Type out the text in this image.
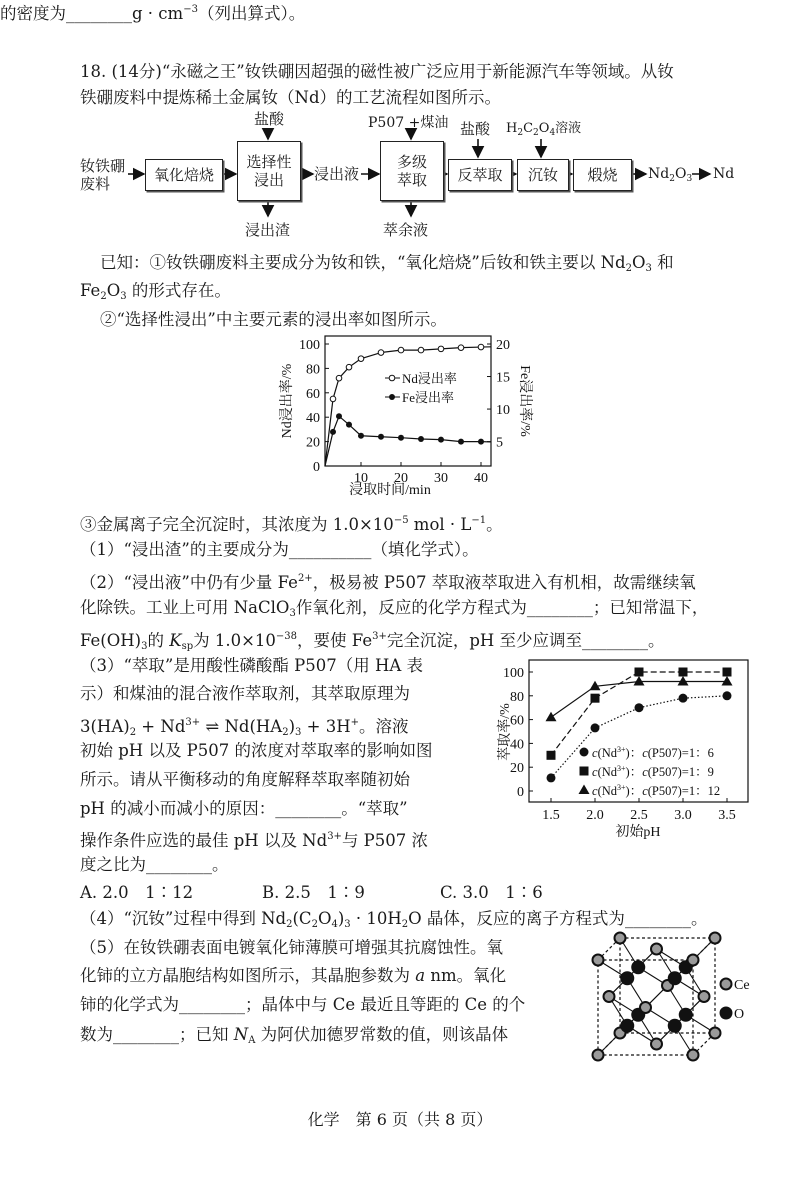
18. (14分)“永磁之王”钕铁硼因超强的磁性被广泛应用于新能源汽车等领域。从钕
铁硼废料中提炼稀土金属钕（Nd）的工艺流程如图所示。
已知：①钕铁硼废料主要成分为钕和铁，“氧化焙烧”后钕和铁主要以 $Nd_2O_3$ 和
$Fe_2O_3$ 的形式存在。
②“选择性浸出”中主要元素的浸出率如图所示。
③金属离子完全沉淀时，其浓度为 $1.0\times 10^{-5}$ mol · $L^{-1}$。
（1）“浸出渣”的主要成分为__________（填化学式）。
（2）“浸出液”中仍有少量 $Fe^{2+}$，极易被 P507 萃取液萃取进入有机相，故需继续氧
化除铁。工业上可用 NaClO$_3$作氧化剂，反应的化学方程式为________；已知常温下，
$Fe(OH)_3$的 $K_{sp}$为 $1.0\times 10^{-38}$，要使 $Fe^{3+}$完全沉淀，pH 至少应调至________。
（3）“萃取”是用酸性磷酸酯 P507（用 HA 表
示）和煤油的混合液作萃取剂，其萃取原理为
$3(HA)_2 + Nd^{3+}$ ⇌ $Nd(HA_2)_3 + 3H^+$。溶液
初始 pH 以及 P507 的浓度对萃取率的影响如图
所示。请从平衡移动的角度解释萃取率随初始
pH 的减小而减小的原因：________。“萃取”
操作条件应选的最佳 pH 以及 $Nd^{3+}$与 P507 浓
度之比为________。
（4）“沉钕”过程中得到 $Nd_2(C_2O_4)_3 \cdot 10H_2O$ 晶体，反应的离子方程式为________。
（5）在钕铁硼表面电镀氧化铈薄膜可增强其抗腐蚀性。氧
化铈的立方晶胞结构如图所示，其晶胞参数为 a nm。氧化
铈的化学式为________；晶体中与 Ce 最近且等距的 Ce 的个
数为________；已知 $N_A$ 为阿伏加德罗常数的值，则该晶体
的密度为________g · $cm^{-3}$（列出算式）。
钕铁硼
废料	氧化焙烧
选择性
浸出	浸出液
多级
萃取 反萃取 沉钕 煅烧 $Nd_2O_3$ Nd
盐酸	P507 +煤油 盐酸 $H_2C_2O_4$溶液
浸出渣	萃余液
0
20
40
60
80
100
10 20 30 40
20
15
10
5
浸取时间/min
Nd浸出率/%	Fe浸出率/%
Nd浸出率
Fe浸出率
0
20
40
60
80
100
1.5 2.0 2.5 3.0 3.5
初始pH
萃取率/%	$c(Nd^{3+})$：c(P507)=1：6
$c(Nd^{3+})$：c(P507)=1：9
$c(Nd^{3+})$：c(P507)=1：12
Ce
O
A. 2.0　1∶12	B. 2.5　1∶9	C. 3.0　1∶6
化学　第 6 页（共 8 页）
